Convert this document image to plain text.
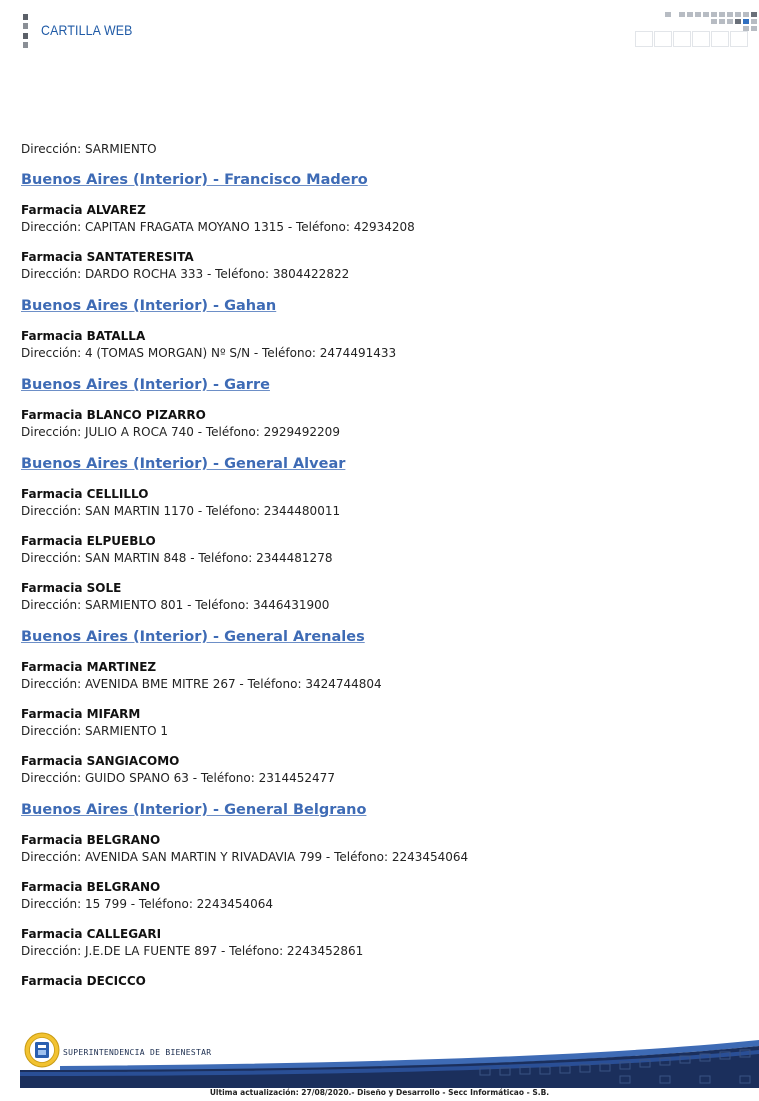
CARTILLA WEB

Dirección: SARMIENTO

Buenos Aires (Interior) - Francisco Madero

Farmacia ALVAREZ

Dirección: CAPITAN FRAGATA MOYANO 1315 - Teléfono: 42934208

Farmacia SANTATERESITA

Dirección: DARDO ROCHA 333 - Teléfono: 3804422822

Buenos Aires (Interior) - Gahan

Farmacia BATALLA

Dirección: 4 (TOMAS MORGAN) Nº S/N - Teléfono: 2474491433

Buenos Aires (Interior) - Garre

Farmacia BLANCO PIZARRO

Dirección: JULIO A ROCA 740 - Teléfono: 2929492209

Buenos Aires (Interior) - General Alvear

Farmacia CELLILLO

Dirección: SAN MARTIN 1170 - Teléfono: 2344480011

Farmacia ELPUEBLO

Dirección: SAN MARTIN 848 - Teléfono: 2344481278

Farmacia SOLE

Dirección: SARMIENTO 801 - Teléfono: 3446431900

Buenos Aires (Interior) - General Arenales

Farmacia MARTINEZ

Dirección: AVENIDA BME MITRE 267 - Teléfono: 3424744804

Farmacia MIFARM

Dirección: SARMIENTO 1

Farmacia SANGIACOMO

Dirección: GUIDO SPANO 63 - Teléfono: 2314452477

Buenos Aires (Interior) - General Belgrano

Farmacia BELGRANO

Dirección: AVENIDA SAN MARTIN Y RIVADAVIA 799 - Teléfono: 2243454064

Farmacia BELGRANO

Dirección: 15 799 - Teléfono: 2243454064

Farmacia CALLEGARI

Dirección: J.E.DE LA FUENTE 897 - Teléfono: 2243452861

Farmacia DECICCO

SUPERINTENDENCIA DE BIENESTAR
Ultima actualización: 27/08/2020.- Diseño y Desarrollo - Secc Informáticao - S.B.
